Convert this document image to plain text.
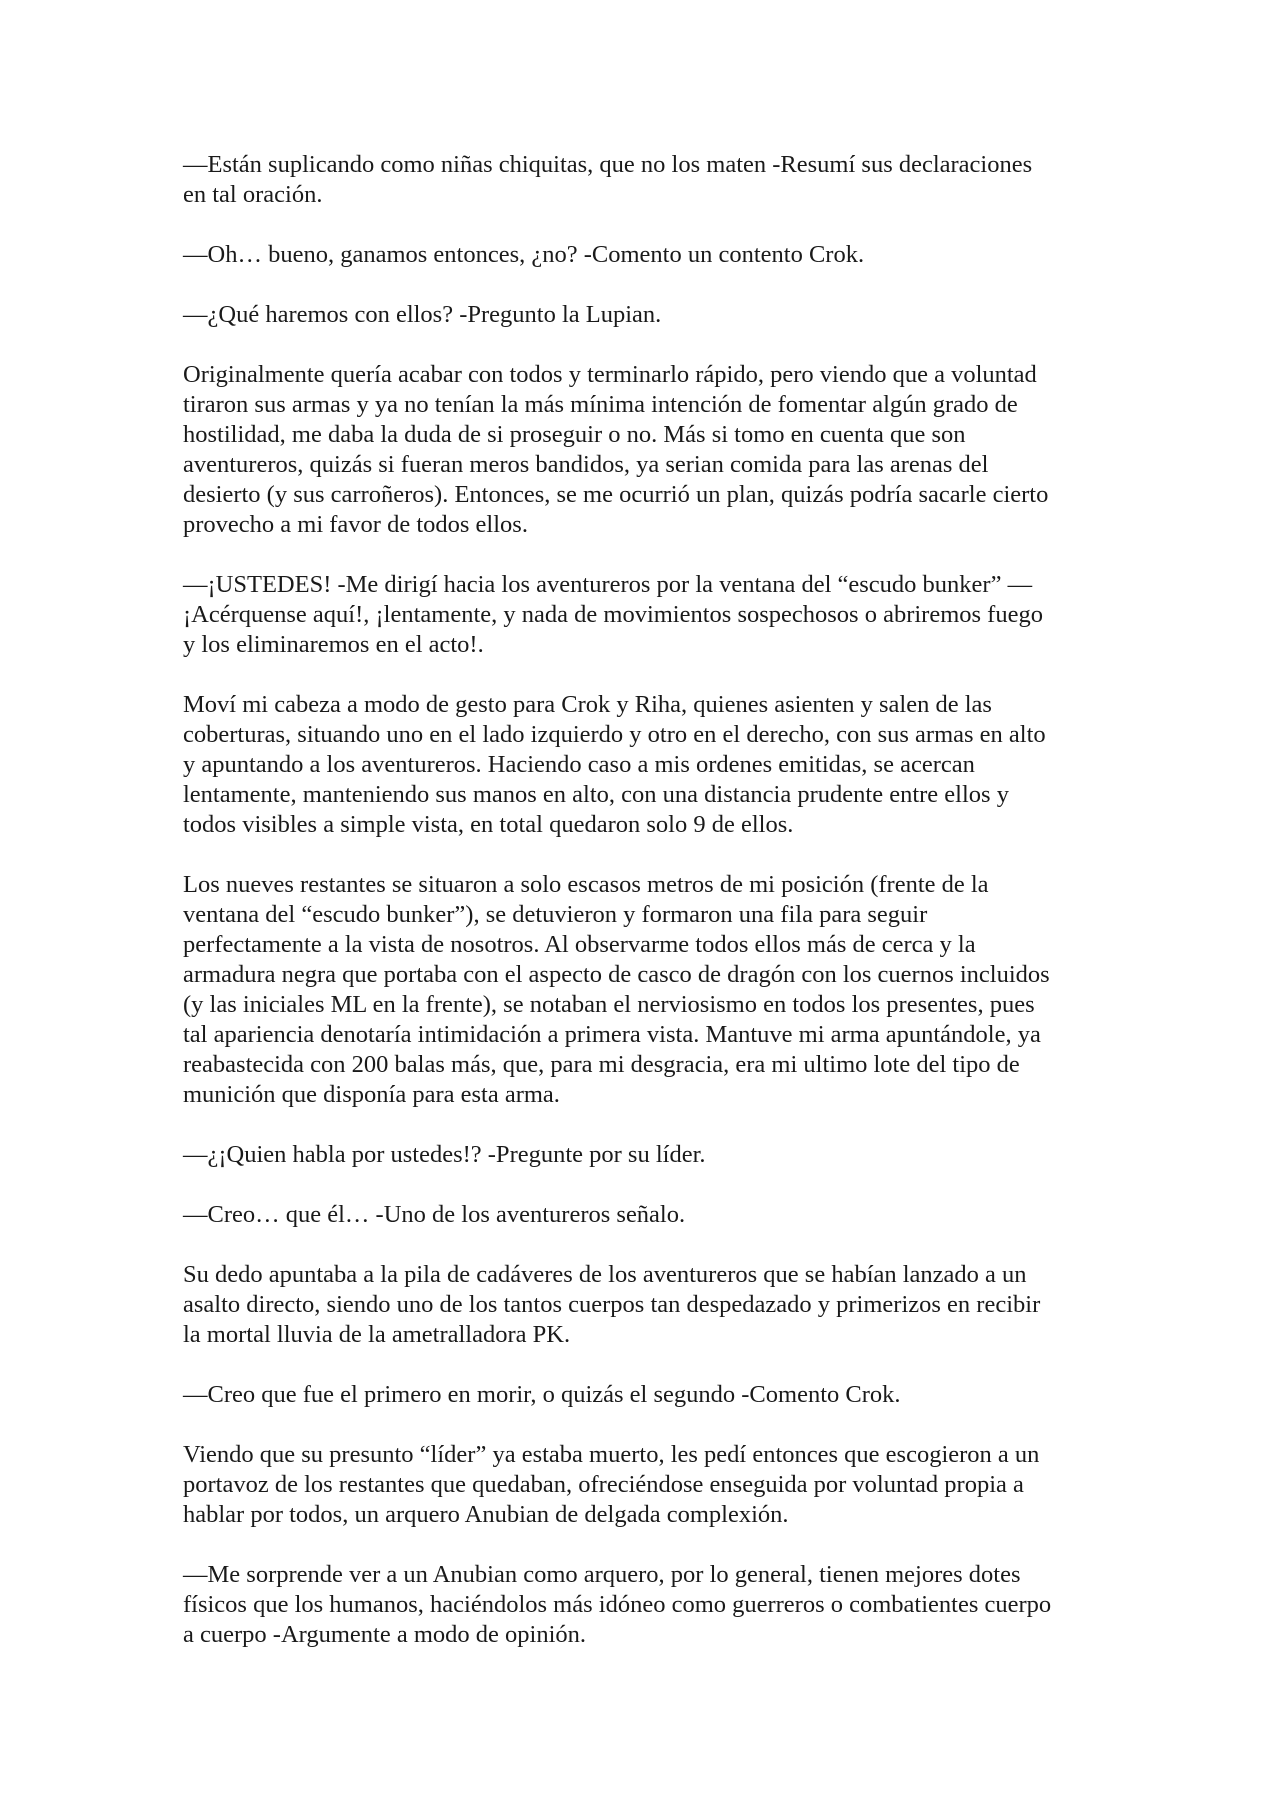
—Están suplicando como niñas chiquitas, que no los maten -Resumí sus declaraciones
en tal oración.

—Oh… bueno, ganamos entonces, ¿no? -Comento un contento Crok.

—¿Qué haremos con ellos? -Pregunto la Lupian.

Originalmente quería acabar con todos y terminarlo rápido, pero viendo que a voluntad
tiraron sus armas y ya no tenían la más mínima intención de fomentar algún grado de
hostilidad, me daba la duda de si proseguir o no. Más si tomo en cuenta que son
aventureros, quizás si fueran meros bandidos, ya serian comida para las arenas del
desierto (y sus carroñeros). Entonces, se me ocurrió un plan, quizás podría sacarle cierto
provecho a mi favor de todos ellos.

—¡USTEDES! -Me dirigí hacia los aventureros por la ventana del “escudo bunker” —
¡Acérquense aquí!, ¡lentamente, y nada de movimientos sospechosos o abriremos fuego
y los eliminaremos en el acto!.

Moví mi cabeza a modo de gesto para Crok y Riha, quienes asienten y salen de las
coberturas, situando uno en el lado izquierdo y otro en el derecho, con sus armas en alto
y apuntando a los aventureros. Haciendo caso a mis ordenes emitidas, se acercan
lentamente, manteniendo sus manos en alto, con una distancia prudente entre ellos y
todos visibles a simple vista, en total quedaron solo 9 de ellos.

Los nueves restantes se situaron a solo escasos metros de mi posición (frente de la
ventana del “escudo bunker”), se detuvieron y formaron una fila para seguir
perfectamente a la vista de nosotros. Al observarme todos ellos más de cerca y la
armadura negra que portaba con el aspecto de casco de dragón con los cuernos incluidos
(y las iniciales ML en la frente), se notaban el nerviosismo en todos los presentes, pues
tal apariencia denotaría intimidación a primera vista. Mantuve mi arma apuntándole, ya
reabastecida con 200 balas más, que, para mi desgracia, era mi ultimo lote del tipo de
munición que disponía para esta arma.

—¿¡Quien habla por ustedes!? -Pregunte por su líder.

—Creo… que él… -Uno de los aventureros señalo.

Su dedo apuntaba a la pila de cadáveres de los aventureros que se habían lanzado a un
asalto directo, siendo uno de los tantos cuerpos tan despedazado y primerizos en recibir
la mortal lluvia de la ametralladora PK.

—Creo que fue el primero en morir, o quizás el segundo -Comento Crok.

Viendo que su presunto “líder” ya estaba muerto, les pedí entonces que escogieron a un
portavoz de los restantes que quedaban, ofreciéndose enseguida por voluntad propia a
hablar por todos, un arquero Anubian de delgada complexión.

—Me sorprende ver a un Anubian como arquero, por lo general, tienen mejores dotes
físicos que los humanos, haciéndolos más idóneo como guerreros o combatientes cuerpo
a cuerpo -Argumente a modo de opinión.
